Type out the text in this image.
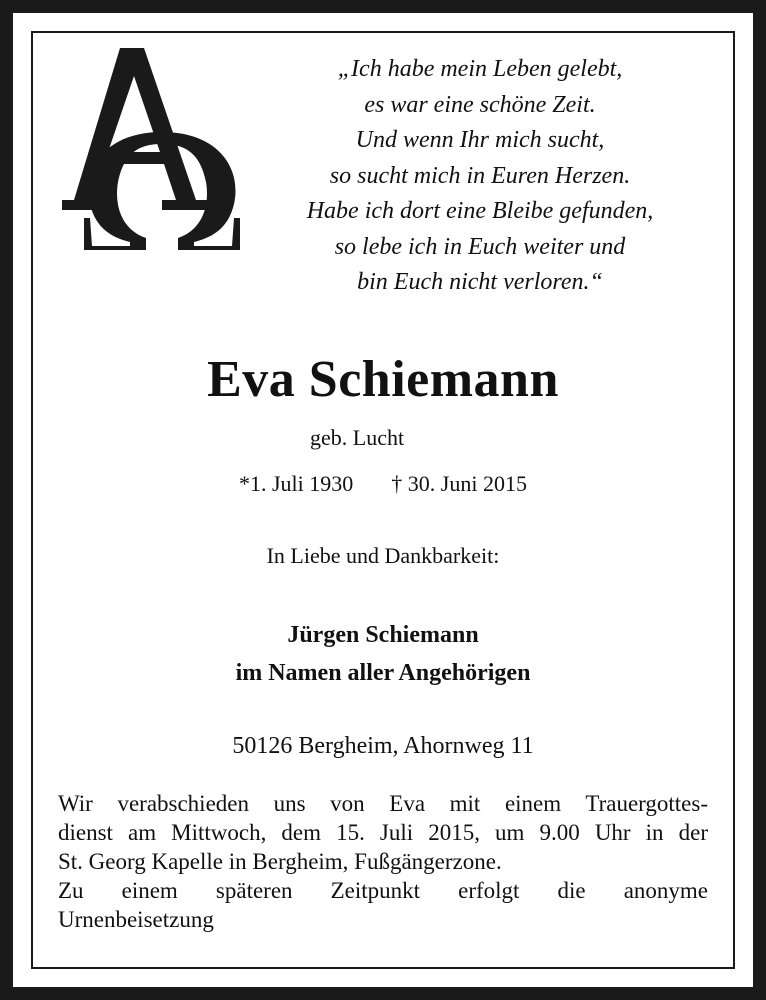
„Ich habe mein Leben gelebt,
es war eine schöne Zeit.
Und wenn Ihr mich sucht,
so sucht mich in Euren Herzen.
Habe ich dort eine Bleibe gefunden,
so lebe ich in Euch weiter und
bin Euch nicht verloren.“
Eva Schiemann
geb. Lucht
*1. Juli 1930 † 30. Juni 2015
In Liebe und Dankbarkeit:
Jürgen Schiemann
im Namen aller Angehörigen
50126 Bergheim, Ahornweg 11
Wir verabschieden uns von Eva mit einem Trauergottes-
dienst am Mittwoch, dem 15. Juli 2015, um 9.00 Uhr in der
St. Georg Kapelle in Bergheim, Fußgängerzone.
Zu einem späteren Zeitpunkt erfolgt die anonyme
Urnenbeisetzung
